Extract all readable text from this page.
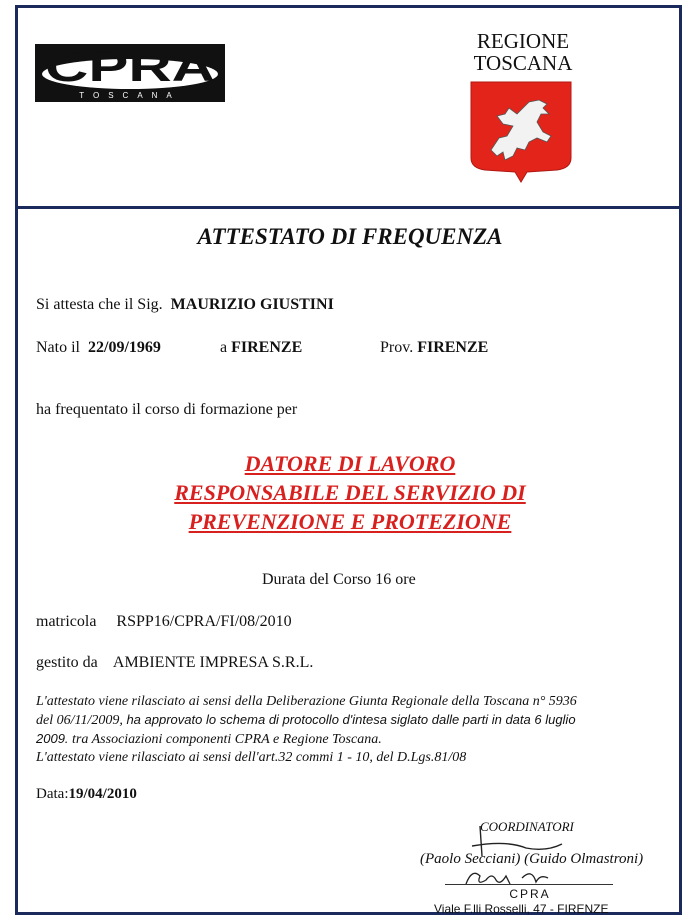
CPRA
TOSCANA
REGIONE
TOSCANA
ATTESTATO DI FREQUENZA
Si attesta che il Sig. MAURIZIO GIUSTINI
Nato il 22/09/1969	a FIRENZE	Prov. FIRENZE
ha frequentato il corso di formazione per
DATORE DI LAVORO
RESPONSABILE DEL SERVIZIO DI
PREVENZIONE E PROTEZIONE
Durata del Corso 16 ore
matricola RSPP16/CPRA/FI/08/2010
gestito da AMBIENTE IMPRESA S.R.L.
L'attestato viene rilasciato ai sensi della Deliberazione Giunta Regionale della Toscana n° 5936
del 06/11/2009, ha approvato lo schema di protocollo d'intesa siglato dalle parti in data 6 luglio
2009. tra Associazioni componenti CPRA e Regione Toscana.
L'attestato viene rilasciato ai sensi dell'art.32 commi 1 - 10, del D.Lgs.81/08
Data:19/04/2010
COORDINATORI
(Paolo Secciani) (Guido Olmastroni)
CPRA
Viale F.lli Rosselli, 47 - FIRENZE
